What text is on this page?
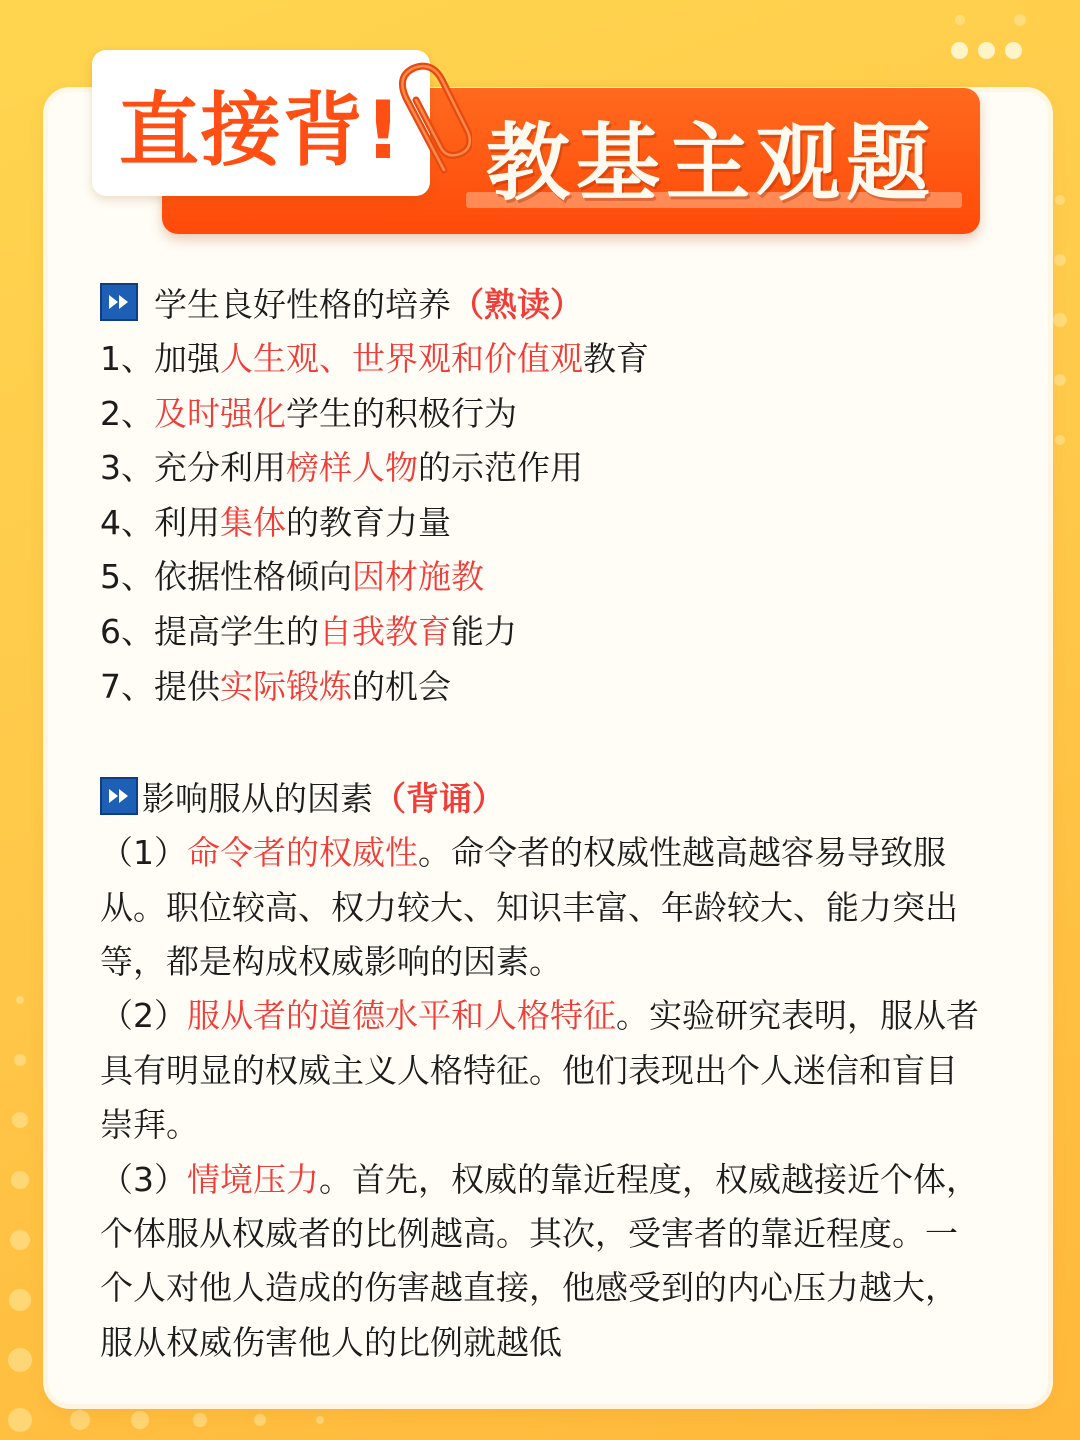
教基主观题
直接背!
学生良好性格的培养 （熟读）
1、加强人生观、世界观和价值观教育
2、及时强化学生的积极行为
3、充分利用榜样人物的示范作用
4、利用集体的教育力量
5、依据性格倾向因材施教
6、提高学生的自我教育能力
7、提供实际锻炼的机会
影响服从的因素 （背诵）
（1）命令者的权威性。命令者的权威性越高越容易导致服从。职位较高、权力较大、知识丰富、年龄较大、能力突出等，都是构成权威影响的因素。
（2）服从者的道德水平和人格特征。实验研究表明，服从者具有明显的权威主义人格特征。他们表现出个人迷信和盲目崇拜。
（3）情境压力。首先，权威的靠近程度，权威越接近个体，个体服从权威者的比例越高。其次，受害者的靠近程度。一个人对他人造成的伤害越直接，他感受到的内心压力越大，服从权威伤害他人的比例就越低
